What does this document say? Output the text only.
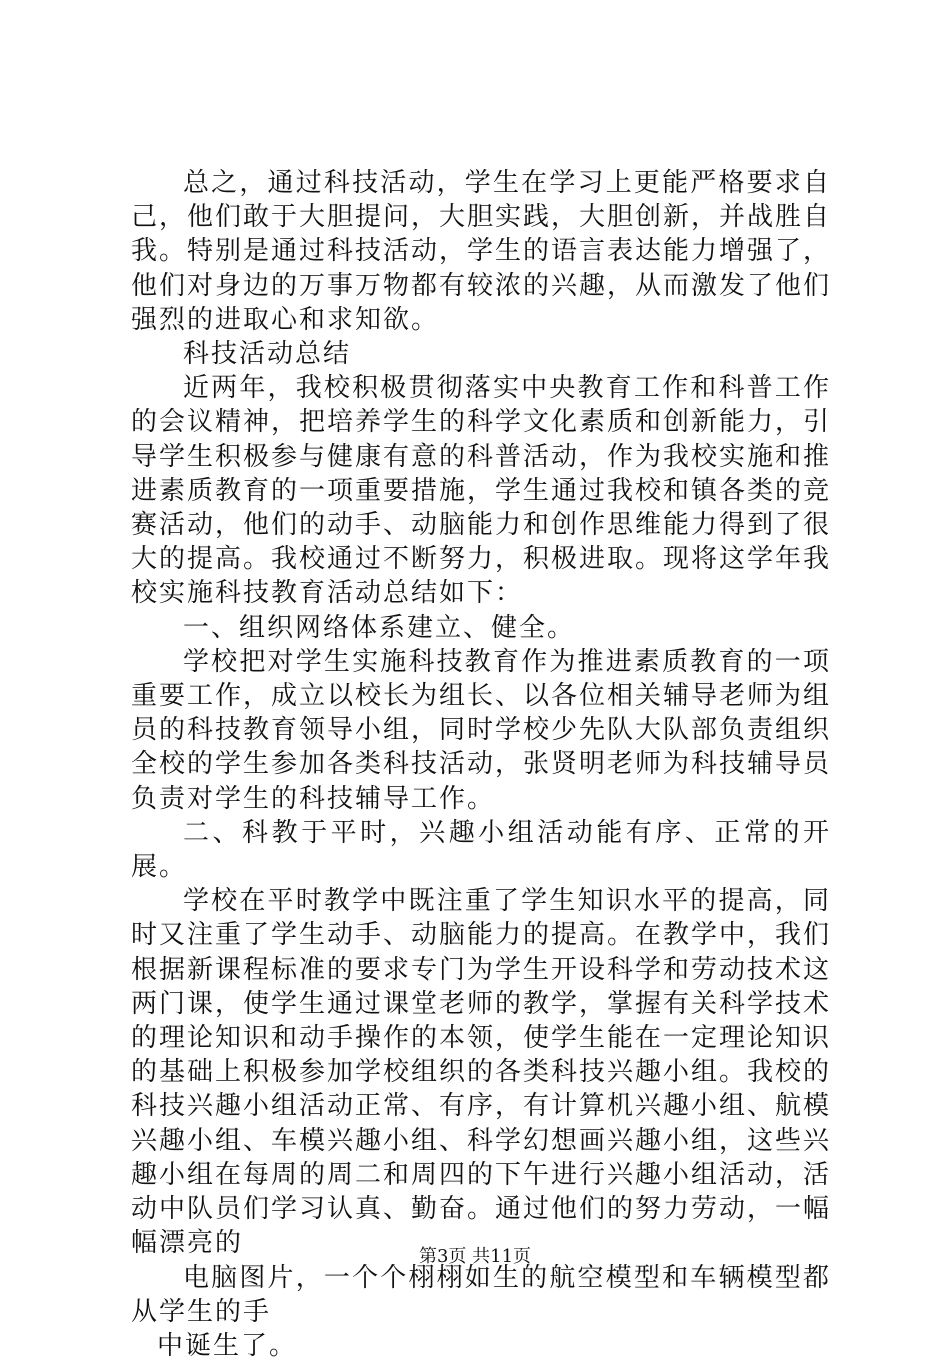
总之，通过科技活动，学生在学习上更能严格要求自己，他们敢于大胆提问，大胆实践，大胆创新，并战胜自我。特别是通过科技活动，学生的语言表达能力增强了，他们对身边的万事万物都有较浓的兴趣，从而激发了他们强烈的进取心和求知欲。

科技活动总结

近两年，我校积极贯彻落实中央教育工作和科普工作的会议精神，把培养学生的科学文化素质和创新能力，引导学生积极参与健康有意的科普活动，作为我校实施和推进素质教育的一项重要措施，学生通过我校和镇各类的竞赛活动，他们的动手、动脑能力和创作思维能力得到了很大的提高。我校通过不断努力，积极进取。现将这学年我校实施科技教育活动总结如下：

一、组织网络体系建立、健全。

学校把对学生实施科技教育作为推进素质教育的一项重要工作，成立以校长为组长、以各位相关辅导老师为组员的科技教育领导小组，同时学校少先队大队部负责组织全校的学生参加各类科技活动，张贤明老师为科技辅导员负责对学生的科技辅导工作。

二、科教于平时，兴趣小组活动能有序、正常的开展。

学校在平时教学中既注重了学生知识水平的提高，同时又注重了学生动手、动脑能力的提高。在教学中，我们根据新课程标准的要求专门为学生开设科学和劳动技术这两门课，使学生通过课堂老师的教学，掌握有关科学技术的理论知识和动手操作的本领，使学生能在一定理论知识的基础上积极参加学校组织的各类科技兴趣小组。我校的科技兴趣小组活动正常、有序，有计算机兴趣小组、航模兴趣小组、车模兴趣小组、科学幻想画兴趣小组，这些兴趣小组在每周的周二和周四的下午进行兴趣小组活动，活动中队员们学习认真、勤奋。通过他们的努力劳动，一幅幅漂亮的

电脑图片，一个个栩栩如生的航空模型和车辆模型都从学生的手

中诞生了。

第3页 共11页
